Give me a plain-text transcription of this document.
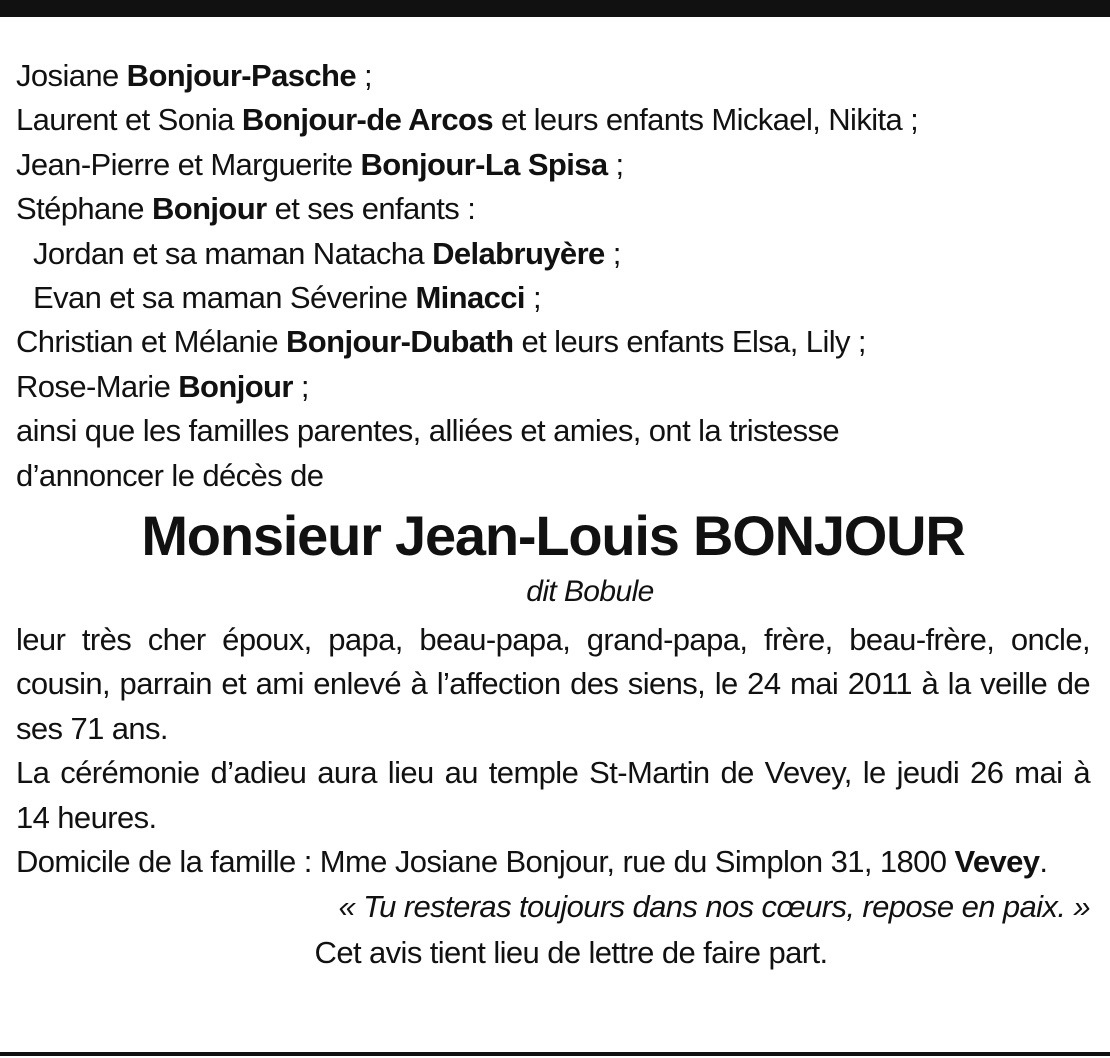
Josiane Bonjour-Pasche ;
Laurent et Sonia Bonjour-de Arcos et leurs enfants Mickael, Nikita ;
Jean-Pierre et Marguerite Bonjour-La Spisa ;
Stéphane Bonjour et ses enfants :
Jordan et sa maman Natacha Delabruyère ;
Evan et sa maman Séverine Minacci ;
Christian et Mélanie Bonjour-Dubath et leurs enfants Elsa, Lily ;
Rose-Marie Bonjour ;
ainsi que les familles parentes, alliées et amies, ont la tristesse
d’annoncer le décès de
Monsieur Jean-Louis BONJOUR
dit Bobule
leur très cher époux, papa, beau-papa, grand-papa, frère, beau-frère, oncle, cousin, parrain et ami enlevé à l’affection des siens, le 24 mai 2011 à la veille de ses 71 ans.
La cérémonie d’adieu aura lieu au temple St-Martin de Vevey, le jeudi 26 mai à 14 heures.
Domicile de la famille : Mme Josiane Bonjour, rue du Simplon 31, 1800 Vevey.
« Tu resteras toujours dans nos cœurs, repose en paix. »
Cet avis tient lieu de lettre de faire part.
